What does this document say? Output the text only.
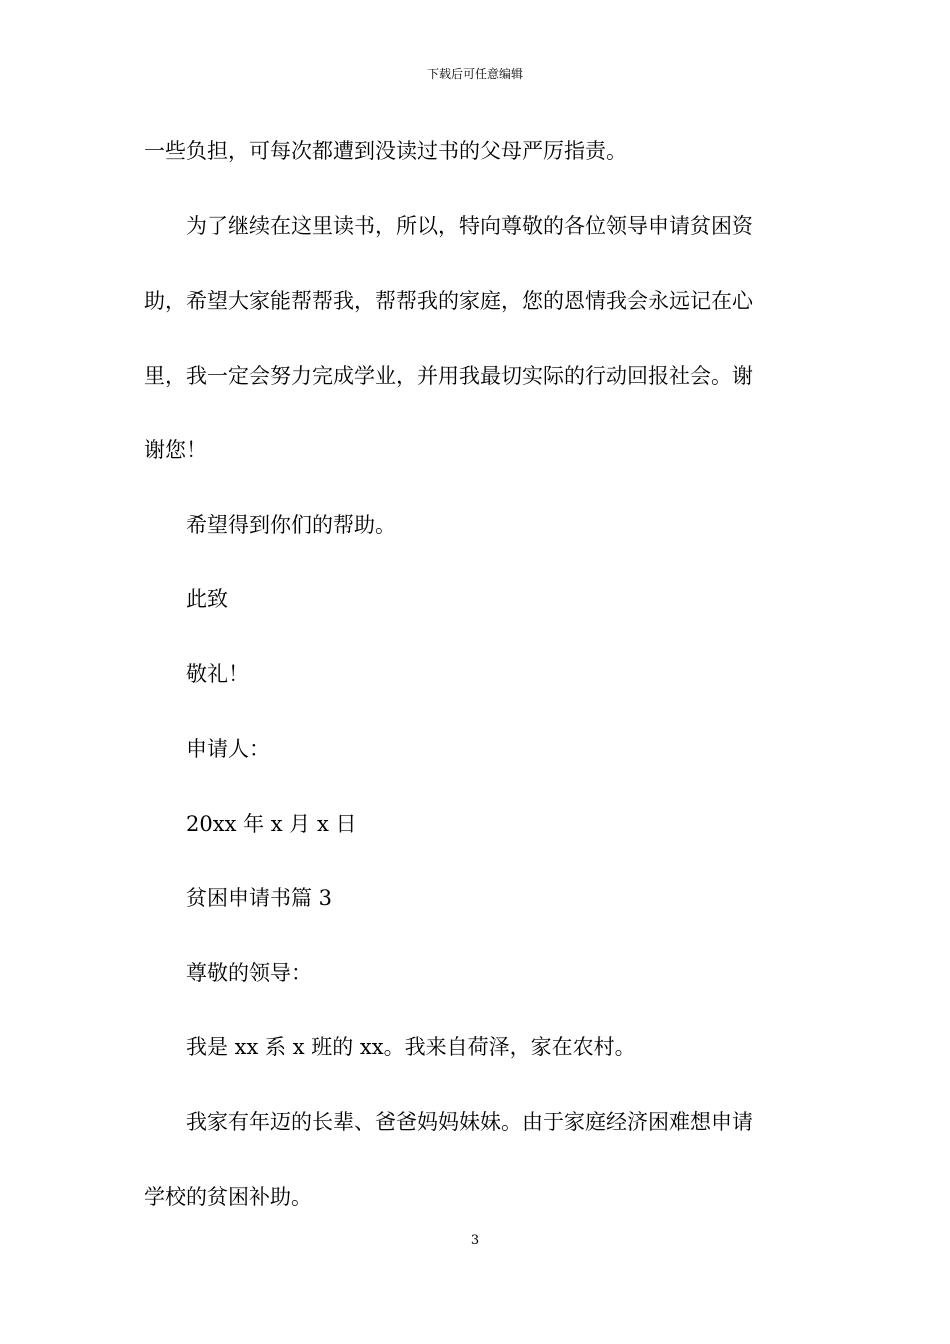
下载后可任意编辑
一些负担，可每次都遭到没读过书的父母严厉指责。
　　为了继续在这里读书，所以，特向尊敬的各位领导申请贫困资
助，希望大家能帮帮我，帮帮我的家庭，您的恩情我会永远记在心
里，我一定会努力完成学业，并用我最切实际的行动回报社会。谢
谢您！
　　希望得到你们的帮助。
　　此致
　　敬礼！
　　申请人：
　　20xx 年 x 月 x 日
　　贫困申请书篇 3
　　尊敬的领导：
　　我是 xx 系 x 班的 xx。我来自荷泽，家在农村。
　　我家有年迈的长辈、爸爸妈妈妹妹。由于家庭经济困难想申请
学校的贫困补助。
3
